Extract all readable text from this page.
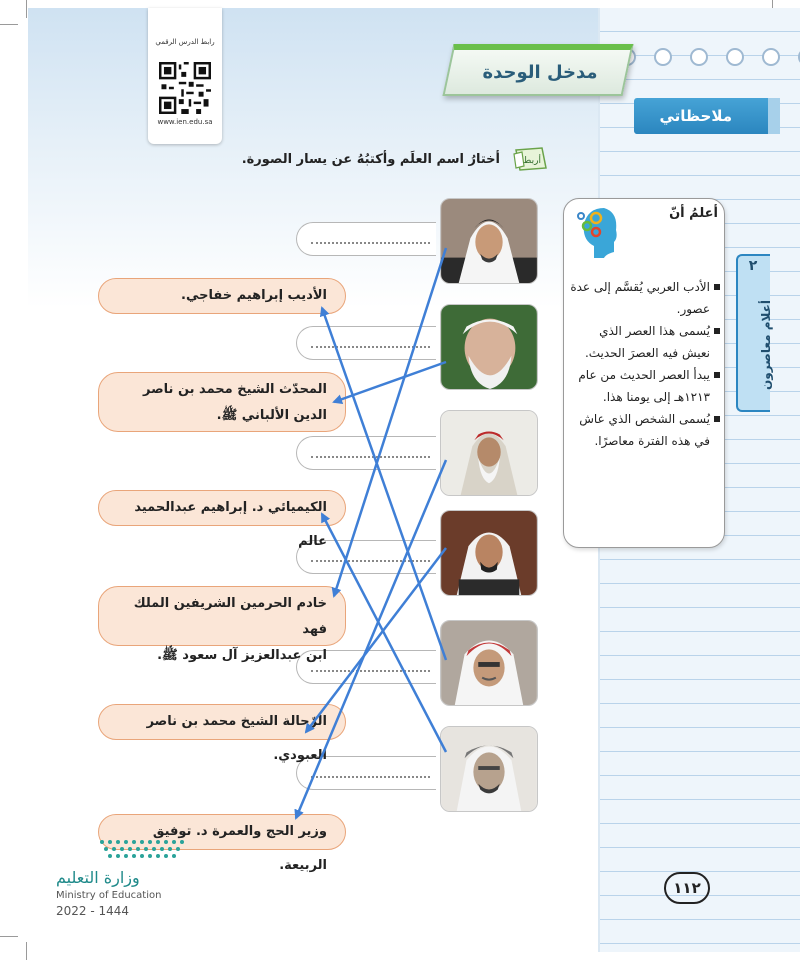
رابط الدرس الرقمي
www.ien.edu.sa
مدخل الوحدة
ملاحظاتي
٢
أعلام معاصرون
أربط
أختارُ اسم العلَم وأكتبُهُ عن يسار الصورة.
الأديب إبراهيم خفاجي.
المحدّث الشيخ محمد بن ناصر
الدين الألباني ﷺ.
الكيميائي د. إبراهيم عبدالحميد عالم
خادم الحرمين الشريفين الملك فهد
ابن عبدالعزيز آل سعود ﷺ.
الرّحالة الشيخ محمد بن ناصر العبودي.
وزير الحج والعمرة د. توفيق الربيعة.
أعلمُ أنّ
الأدب العربي يُقسَّم إلى عدة عصور.
يُسمى هذا العصر الذي نعيش فيه العصرَ الحديث.
يبدأ العصر الحديث من عام ١٢١٣هـ إلى يومنا هذا.
يُسمى الشخص الذي عاش في هذه الفترة معاصرًا.
وزارة التعليم
Ministry of Education
2022 - 1444
١١٢
